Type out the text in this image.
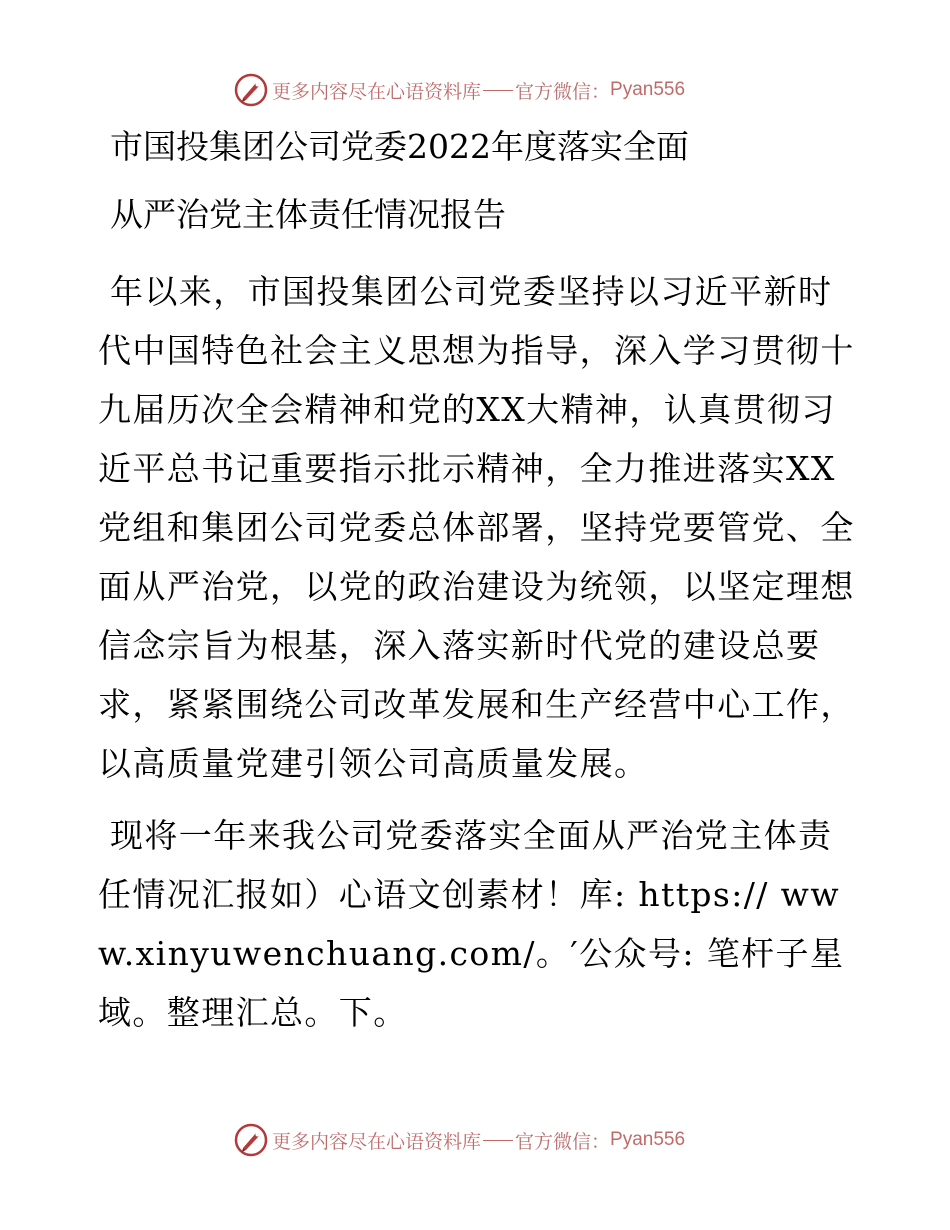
更多内容尽在心语资料库 官方微信： Pyan556
市国投集团公司党委2022年度落实全面
从严治党主体责任情况报告

年以来，市国投集团公司党委坚持以习近平新时代中国特色社会主义思想为指导，深入学习贯彻十九届历次全会精神和党的XX大精神，认真贯彻习近平总书记重要指示批示精神，全力推进落实XX党组和集团公司党委总体部署，坚持党要管党、全面从严治党，以党的政治建设为统领，以坚定理想信念宗旨为根基，深入落实新时代党的建设总要求，紧紧围绕公司改革发展和生产经营中心工作，以高质量党建引领公司高质量发展。

现将一年来我公司党委落实全面从严治党主体责任情况汇报如）心语文创素材！库: https:// www.xinyuwenchuang.com/。′公众号: 笔杆子星域。整理汇总。下。

更多内容尽在心语资料库 官方微信： Pyan556
